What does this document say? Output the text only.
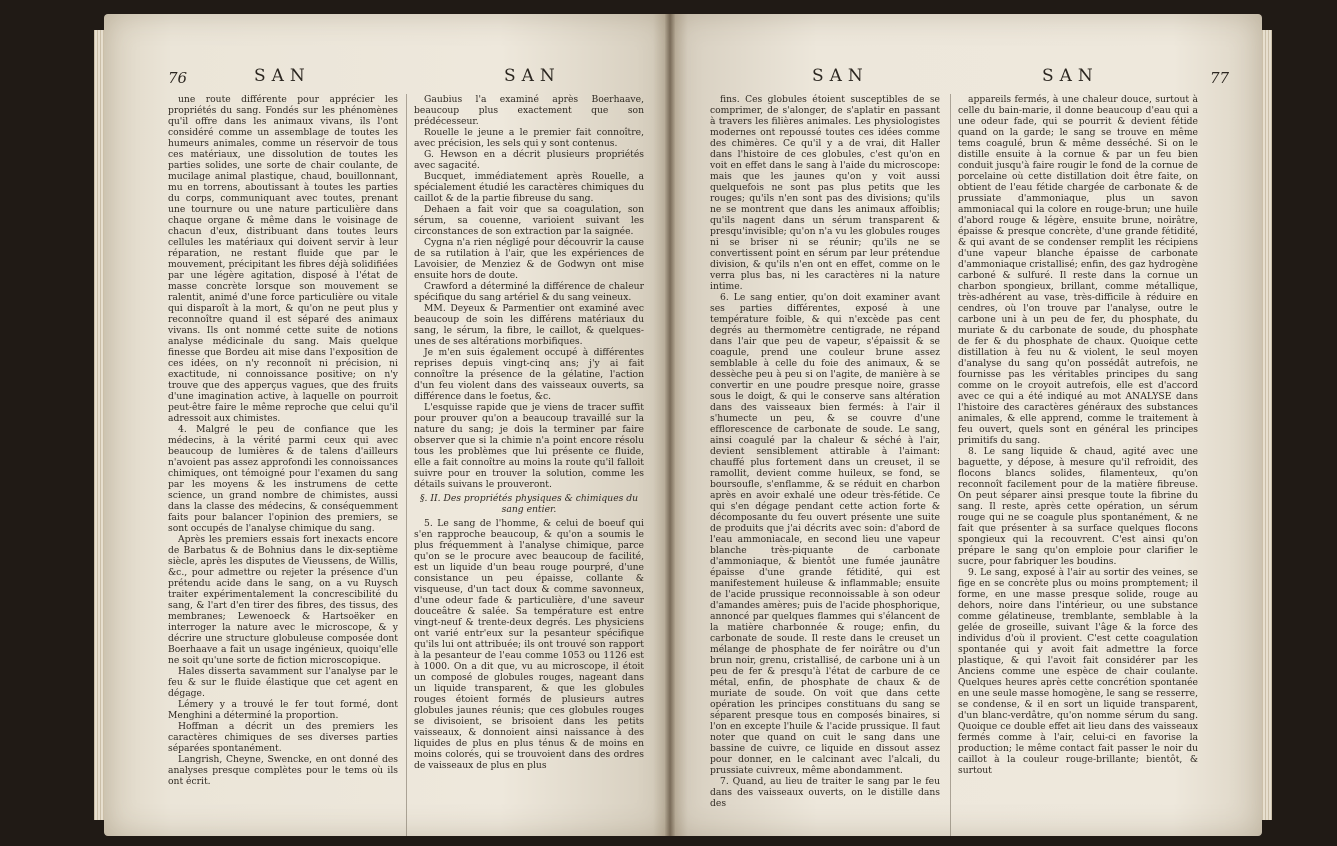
76	SAN	SAN

une route différente pour apprécier les propriétés du sang. Fondés sur les phénomènes qu'il offre dans les animaux vivans, ils l'ont considéré comme un assemblage de toutes les humeurs animales, comme un réservoir de tous ces matériaux, une dissolution de toutes les parties solides, une sorte de chair coulante, de mucilage animal plastique, chaud, bouillonnant, mu en torrens, aboutissant à toutes les parties du corps, communiquant avec toutes, prenant une tournure ou une nature particulière dans chaque organe & même dans le voisinage de chacun d'eux, distribuant dans toutes leurs cellules les matériaux qui doivent servir à leur réparation, ne restant fluide que par le mouvement, précipitant les fibres déjà solidifiées par une légère agitation, disposé à l'état de masse concrète lorsque son mouvement se ralentit, animé d'une force particulière ou vitale qui disparoît à la mort, & qu'on ne peut plus y reconnoître quand il est séparé des animaux vivans. Ils ont nommé cette suite de notions analyse médicinale du sang. Mais quelque finesse que Bordeu ait mise dans l'exposition de ces idées, on n'y reconnoît ni précision, ni exactitude, ni connoissance positive; on n'y trouve que des apperçus vagues, que des fruits d'une imagination active, à laquelle on pourroit peut-être faire le même reproche que celui qu'il adressoit aux chimistes.

4. Malgré le peu de confiance que les médecins, à la vérité parmi ceux qui avec beaucoup de lumières & de talens d'ailleurs n'avoient pas assez approfondi les connoissances chimiques, ont témoigné pour l'examen du sang par les moyens & les instrumens de cette science, un grand nombre de chimistes, aussi dans la classe des médecins, & conséquemment faits pour balancer l'opinion des premiers, se sont occupés de l'analyse chimique du sang.

Après les premiers essais fort inexacts encore de Barbatus & de Bohnius dans le dix-septième siècle, après les disputes de Vieussens, de Willis, &c., pour admettre ou rejeter la présence d'un prétendu acide dans le sang, on a vu Ruysch traiter expérimentalement la concrescibilité du sang, & l'art d'en tirer des fibres, des tissus, des membranes; Lewenoeck & Hartsoëker en interroger la nature avec le microscope, & y décrire une structure globuleuse composée dont Boerhaave a fait un usage ingénieux, quoiqu'elle ne soit qu'une sorte de fiction microscopique.

Hales disserta savamment sur l'analyse par le feu & sur le fluide élastique que cet agent en dégage.

Lémery y a trouvé le fer tout formé, dont Menghini a déterminé la proportion.

Hoffman a décrit un des premiers les caractères chimiques de ses diverses parties séparées spontanément.

Langrish, Cheyne, Swencke, en ont donné des analyses presque complètes pour le tems où ils ont écrit.

Gaubius l'a examiné après Boerhaave, beaucoup plus exactement que son prédécesseur.

Rouelle le jeune a le premier fait connoître, avec précision, les sels qui y sont contenus.

G. Hewson en a décrit plusieurs propriétés avec sagacité.

Bucquet, immédiatement après Rouelle, a spécialement étudié les caractères chimiques du caillot & de la partie fibreuse du sang.

Dehaen a fait voir que sa coagulation, son sérum, sa couenne, varioient suivant les circonstances de son extraction par la saignée.

Cygna n'a rien négligé pour découvrir la cause de sa rutilation à l'air, que les expériences de Lavoisier, de Menziez & de Godwyn ont mise ensuite hors de doute.

Crawford a déterminé la différence de chaleur spécifique du sang artériel & du sang veineux.

MM. Deyeux & Parmentier ont examiné avec beaucoup de soin les différens matériaux du sang, le sérum, la fibre, le caillot, & quelques-unes de ses altérations morbifiques.

Je m'en suis également occupé à différentes reprises depuis vingt-cinq ans; j'y ai fait connoître la présence de la gélatine, l'action d'un feu violent dans des vaisseaux ouverts, sa différence dans le foetus, &c.

L'esquisse rapide que je viens de tracer suffit pour prouver qu'on a beaucoup travaillé sur la nature du sang; je dois la terminer par faire observer que si la chimie n'a point encore résolu tous les problèmes que lui présente ce fluide, elle a fait connoître au moins la route qu'il falloit suivre pour en trouver la solution, comme les détails suivans le prouveront.

§. II. Des propriétés physiques & chimiques du sang entier.

5. Le sang de l'homme, & celui de boeuf qui s'en rapproche beaucoup, & qu'on a soumis le plus fréquemment à l'analyse chimique, parce qu'on se le procure avec beaucoup de facilité, est un liquide d'un beau rouge pourpré, d'une consistance un peu épaisse, collante & visqueuse, d'un tact doux & comme savonneux, d'une odeur fade & particulière, d'une saveur douceâtre & salée. Sa température est entre vingt-neuf & trente-deux degrés. Les physiciens ont varié entr'eux sur la pesanteur spécifique qu'ils lui ont attribuée; ils ont trouvé son rapport à la pesanteur de l'eau comme 1053 ou 1126 est à 1000. On a dit que, vu au microscope, il étoit un composé de globules rouges, nageant dans un liquide transparent, & que les globules rouges étoient formés de plusieurs autres globules jaunes réunis; que ces globules rouges se divisoient, se brisoient dans les petits vaisseaux, & donnoient ainsi naissance à des liquides de plus en plus ténus & de moins en moins colorés, qui se trouvoient dans des ordres de vaisseaux de plus en plus

SAN	SAN	77

fins. Ces globules étoient susceptibles de se comprimer, de s'alonger, de s'aplatir en passant à travers les filières animales. Les physiologistes modernes ont repoussé toutes ces idées comme des chimères. Ce qu'il y a de vrai, dit Haller dans l'histoire de ces globules, c'est qu'on en voit en effet dans le sang à l'aide du microscope: mais que les jaunes qu'on y voit aussi quelquefois ne sont pas plus petits que les rouges; qu'ils n'en sont pas des divisions; qu'ils ne se montrent que dans les animaux affoiblis; qu'ils nagent dans un sérum transparent & presqu'invisible; qu'on n'a vu les globules rouges ni se briser ni se réunir; qu'ils ne se convertissent point en sérum par leur prétendue division, & qu'ils n'en ont en effet, comme on le verra plus bas, ni les caractères ni la nature intime.

6. Le sang entier, qu'on doit examiner avant ses parties différentes, exposé à une température foible, & qui n'excède pas cent degrés au thermomètre centigrade, ne répand dans l'air que peu de vapeur, s'épaissit & se coagule, prend une couleur brune assez semblable à celle du foie des animaux, & se dessèche peu à peu si on l'agite, de manière à se convertir en une poudre presque noire, grasse sous le doigt, & qui le conserve sans altération dans des vaisseaux bien fermés: à l'air il s'humecte un peu, & se couvre d'une efflorescence de carbonate de soude. Le sang, ainsi coagulé par la chaleur & séché à l'air, devient sensiblement attirable à l'aimant: chauffé plus fortement dans un creuset, il se ramollit, devient comme huileux, se fond, se boursoufle, s'enflamme, & se réduit en charbon après en avoir exhalé une odeur très-fétide. Ce qui s'en dégage pendant cette action forte & décomposante du feu ouvert présente une suite de produits que j'ai décrits avec soin: d'abord de l'eau ammoniacale, en second lieu une vapeur blanche très-piquante de carbonate d'ammoniaque, & bientôt une fumée jaunâtre épaisse d'une grande fétidité, qui est manifestement huileuse & inflammable; ensuite de l'acide prussique reconnoissable à son odeur d'amandes amères; puis de l'acide phosphorique, annoncé par quelques flammes qui s'élancent de la matière charbonnée & rouge; enfin, du carbonate de soude. Il reste dans le creuset un mélange de phosphate de fer noirâtre ou d'un brun noir, grenu, cristallisé, de carbone uni à un peu de fer & presqu'à l'état de carbure de ce métal, enfin, de phosphate de chaux & de muriate de soude. On voit que dans cette opération les principes constituans du sang se séparent presque tous en composés binaires, si l'on en excepte l'huile & l'acide prussique. Il faut noter que quand on cuit le sang dans une bassine de cuivre, ce liquide en dissout assez pour donner, en le calcinant avec l'alcali, du prussiate cuivreux, même abondamment.

7. Quand, au lieu de traiter le sang par le feu dans des vaisseaux ouverts, on le distille dans des

appareils fermés, à une chaleur douce, surtout à celle du bain-marie, il donne beaucoup d'eau qui a une odeur fade, qui se pourrit & devient fétide quand on la garde; le sang se trouve en même tems coagulé, brun & même desséché. Si on le distille ensuite à la cornue & par un feu bien conduit jusqu'à faire rougir le fond de la cornue de porcelaine où cette distillation doit être faite, on obtient de l'eau fétide chargée de carbonate & de prussiate d'ammoniaque, plus un savon ammoniacal qui la colore en rouge-brun; une huile d'abord rouge & légère, ensuite brune, noirâtre, épaisse & presque concrète, d'une grande fétidité, & qui avant de se condenser remplit les récipiens d'une vapeur blanche épaisse de carbonate d'ammoniaque cristallisé; enfin, des gaz hydrogène carboné & sulfuré. Il reste dans la cornue un charbon spongieux, brillant, comme métallique, très-adhérent au vase, très-difficile à réduire en cendres, où l'on trouve par l'analyse, outre le carbone uni à un peu de fer, du phosphate, du muriate & du carbonate de soude, du phosphate de fer & du phosphate de chaux. Quoique cette distillation à feu nu & violent, le seul moyen d'analyse du sang qu'on possédât autrefois, ne fournisse pas les véritables principes du sang comme on le croyoit autrefois, elle est d'accord avec ce qui a été indiqué au mot ANALYSE dans l'histoire des caractères généraux des substances animales, & elle apprend, comme le traitement à feu ouvert, quels sont en général les principes primitifs du sang.

8. Le sang liquide & chaud, agité avec une baguette, y dépose, à mesure qu'il refroidit, des flocons blancs solides, filamenteux, qu'on reconnoît facilement pour de la matière fibreuse. On peut séparer ainsi presque toute la fibrine du sang. Il reste, après cette opération, un sérum rouge qui ne se coagule plus spontanément, & ne fait que présenter à sa surface quelques flocons spongieux qui la recouvrent. C'est ainsi qu'on prépare le sang qu'on emploie pour clarifier le sucre, pour fabriquer les boudins.

9. Le sang, exposé à l'air au sortir des veines, se fige en se concrète plus ou moins promptement; il forme, en une masse presque solide, rouge au dehors, noire dans l'intérieur, ou une substance comme gélatineuse, tremblante, semblable à la gelée de groseille, suivant l'âge & la force des individus d'où il provient. C'est cette coagulation spontanée qui y avoit fait admettre la force plastique, & qui l'avoit fait considérer par les Anciens comme une espèce de chair coulante. Quelques heures après cette concrétion spontanée en une seule masse homogène, le sang se resserre, se condense, & il en sort un liquide transparent, d'un blanc-verdâtre, qu'on nomme sérum du sang. Quoique ce double effet ait lieu dans des vaisseaux fermés comme à l'air, celui-ci en favorise la production; le même contact fait passer le noir du caillot à la couleur rouge-brillante; bientôt, & surtout
